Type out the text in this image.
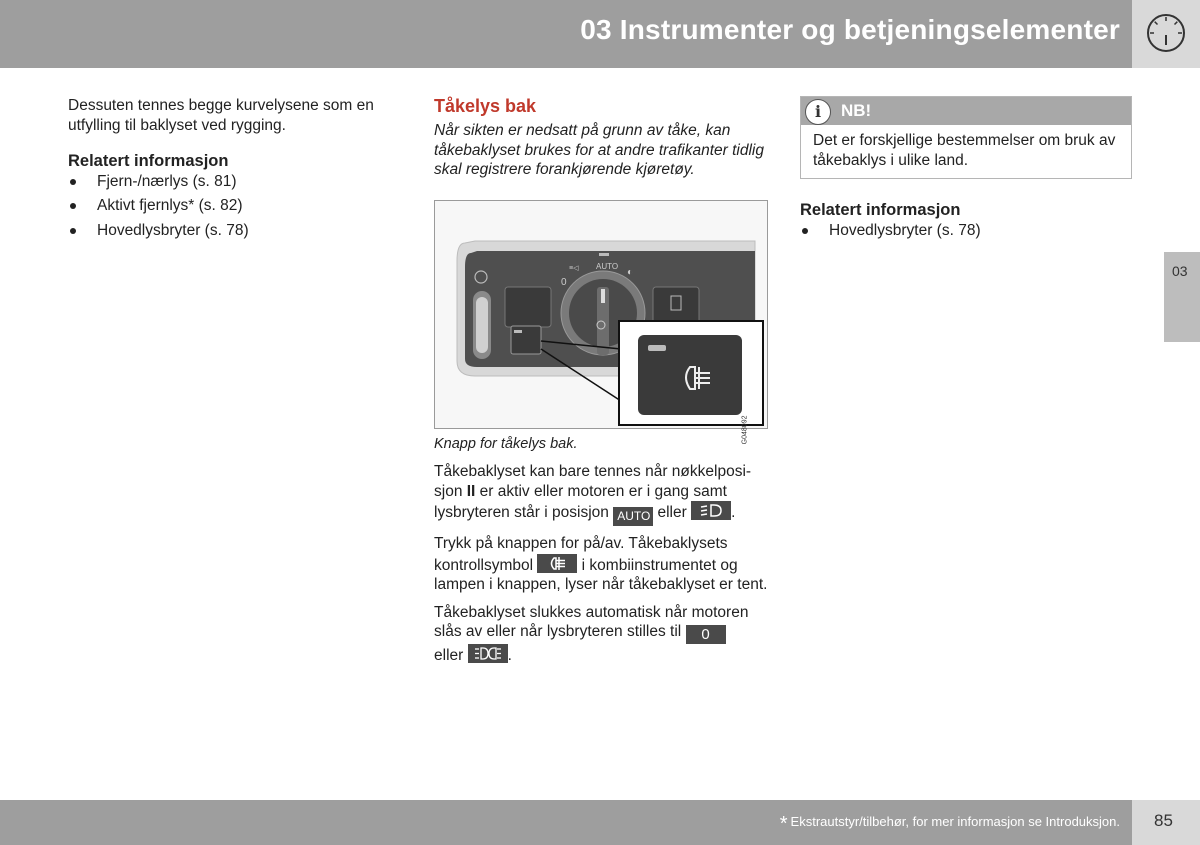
03 Instrumenter og betjeningselementer

Dessuten tennes begge kurvelysene som en utfylling til baklyset ved rygging.

Relatert informasjon
Fjern-/nærlys (s. 81)
Aktivt fjernlys* (s. 82)
Hovedlysbryter (s. 78)
Tåkelys bak

Når sikten er nedsatt på grunn av tåke, kan tåkebaklyset brukes for at andre trafikanter tidlig skal registrere forankjørende kjøretøy.

≡◁ AUTO
0
◐
G048092

Knapp for tåkelys bak.

Tåkebaklyset kan bare tennes når nøkkelposi-sjon II er aktiv eller motoren er i gang samt lysbryteren står i posisjon AUTO eller	.

Trykk på knappen for på/av. Tåkebaklysets kontrollsymbol	i kombiinstrumentet og lampen i knappen, lyser når tåkebaklyset er tent.

Tåkebaklyset slukkes automatisk når motoren slås av eller når lysbryteren stilles til 0
eller	.

i	NB!
Det er forskjellige bestemmelser om bruk av tåkebaklys i ulike land.
Relatert informasjon
Hovedlysbryter (s. 78)
03
* Ekstrautstyr/tilbehør, for mer informasjon se Introduksjon. 85
